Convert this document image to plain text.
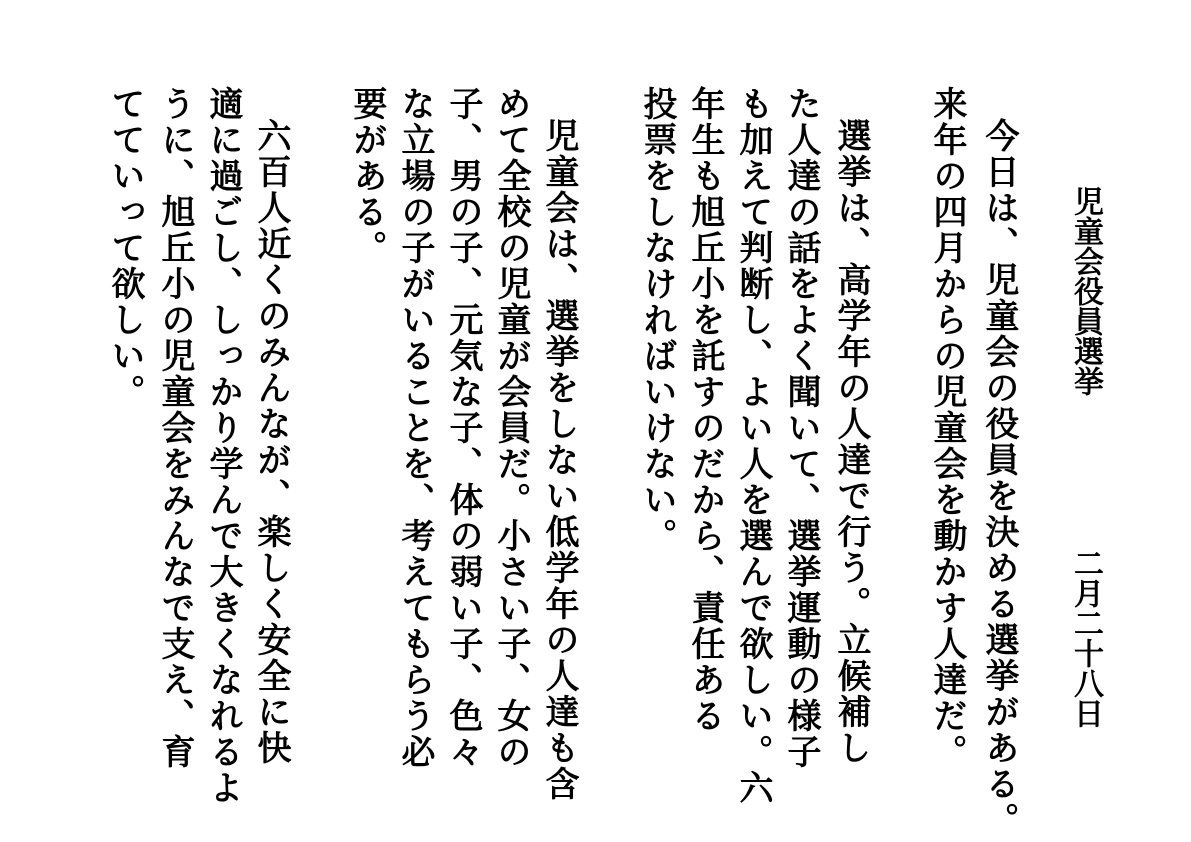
児童会役員選挙
二月二十八日
今日は、児童会の役員を決める選挙がある。
来年の四月からの児童会を動かす人達だ。
選挙は、高学年の人達で行う。立候補し
た人達の話をよく聞いて、選挙運動の様子
も加えて判断し、よい人を選んで欲しい。六
年生も旭丘小を託すのだから、責任ある
投票をしなければいけない。
児童会は、選挙をしない低学年の人達も含
めて全校の児童が会員だ。小さい子、女の
子、男の子、元気な子、体の弱い子、色々
な立場の子がいることを、考えてもらう必
要がある。
六百人近くのみんなが、楽しく安全に快
適に過ごし、しっかり学んで大きくなれるよ
うに、旭丘小の児童会をみんなで支え、育
てていって欲しい。
